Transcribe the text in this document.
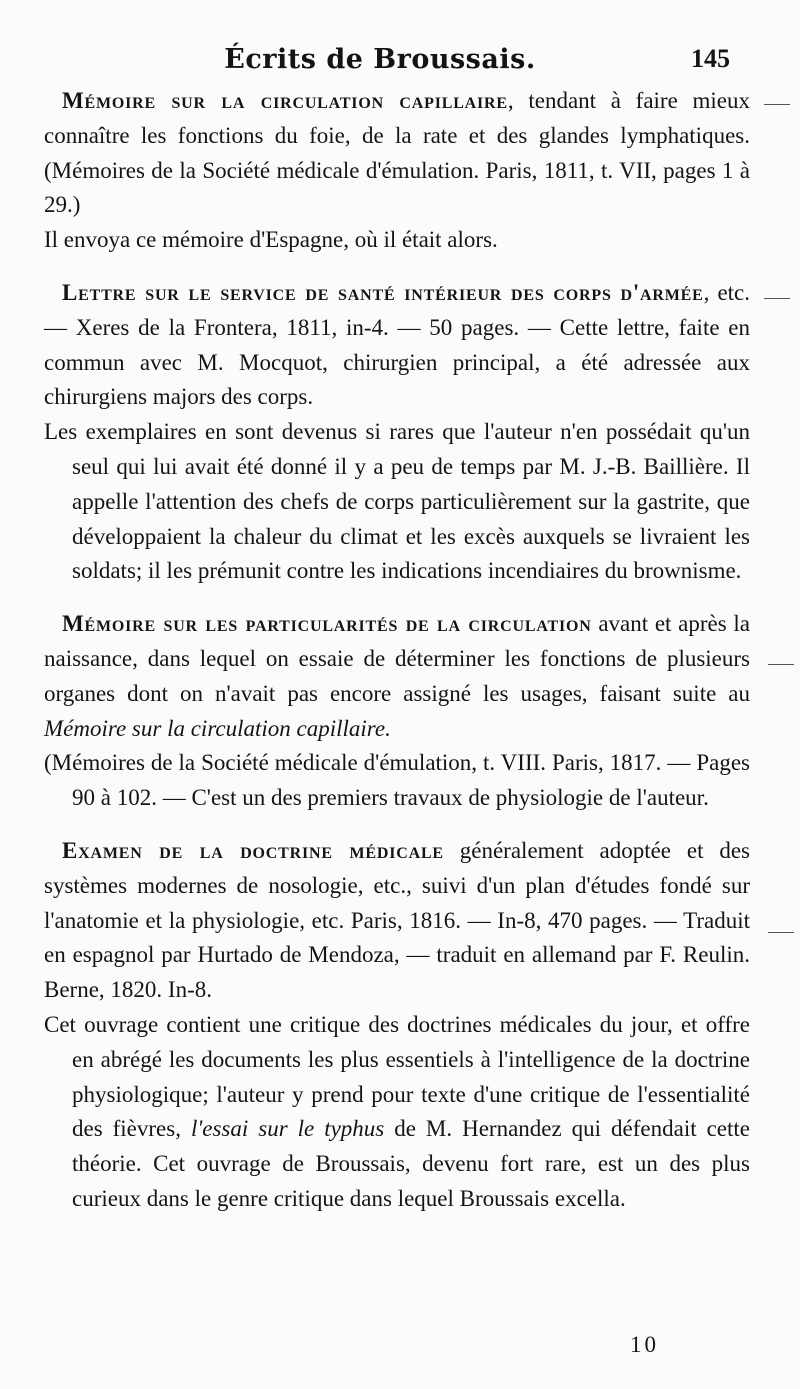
Écrits de Broussais.	145

Mémoire sur la circulation capillaire, tendant à faire mieux connaître les fonctions du foie, de la rate et des glandes lymphatiques. (Mémoires de la Société médicale d'émulation. Paris, 1811, t. VII, pages 1 à 29.)

Il envoya ce mémoire d'Espagne, où il était alors.

Lettre sur le service de santé intérieur des corps d'armée, etc. — Xeres de la Frontera, 1811, in-4. — 50 pages. — Cette lettre, faite en commun avec M. Mocquot, chirurgien principal, a été adressée aux chirurgiens majors des corps.

Les exemplaires en sont devenus si rares que l'auteur n'en possédait qu'un seul qui lui avait été donné il y a peu de temps par M. J.-B. Baillière. Il appelle l'attention des chefs de corps particulièrement sur la gastrite, que développaient la chaleur du climat et les excès auxquels se livraient les soldats; il les prémunit contre les indications incendiaires du brownisme.

Mémoire sur les particularités de la circulation avant et après la naissance, dans lequel on essaie de déterminer les fonctions de plusieurs organes dont on n'avait pas encore assigné les usages, faisant suite au Mémoire sur la circulation capillaire.

(Mémoires de la Société médicale d'émulation, t. VIII. Paris, 1817. — Pages 90 à 102. — C'est un des premiers travaux de physiologie de l'auteur.

Examen de la doctrine médicale généralement adoptée et des systèmes modernes de nosologie, etc., suivi d'un plan d'études fondé sur l'anatomie et la physiologie, etc. Paris, 1816. — In-8, 470 pages. — Traduit en espagnol par Hurtado de Mendoza, — traduit en allemand par F. Reulin. Berne, 1820. In-8.

Cet ouvrage contient une critique des doctrines médicales du jour, et offre en abrégé les documents les plus essentiels à l'intelligence de la doctrine physiologique; l'auteur y prend pour texte d'une critique de l'essentialité des fièvres, l'essai sur le typhus de M. Hernandez qui défendait cette théorie. Cet ouvrage de Broussais, devenu fort rare, est un des plus curieux dans le genre critique dans lequel Broussais excella.

10
